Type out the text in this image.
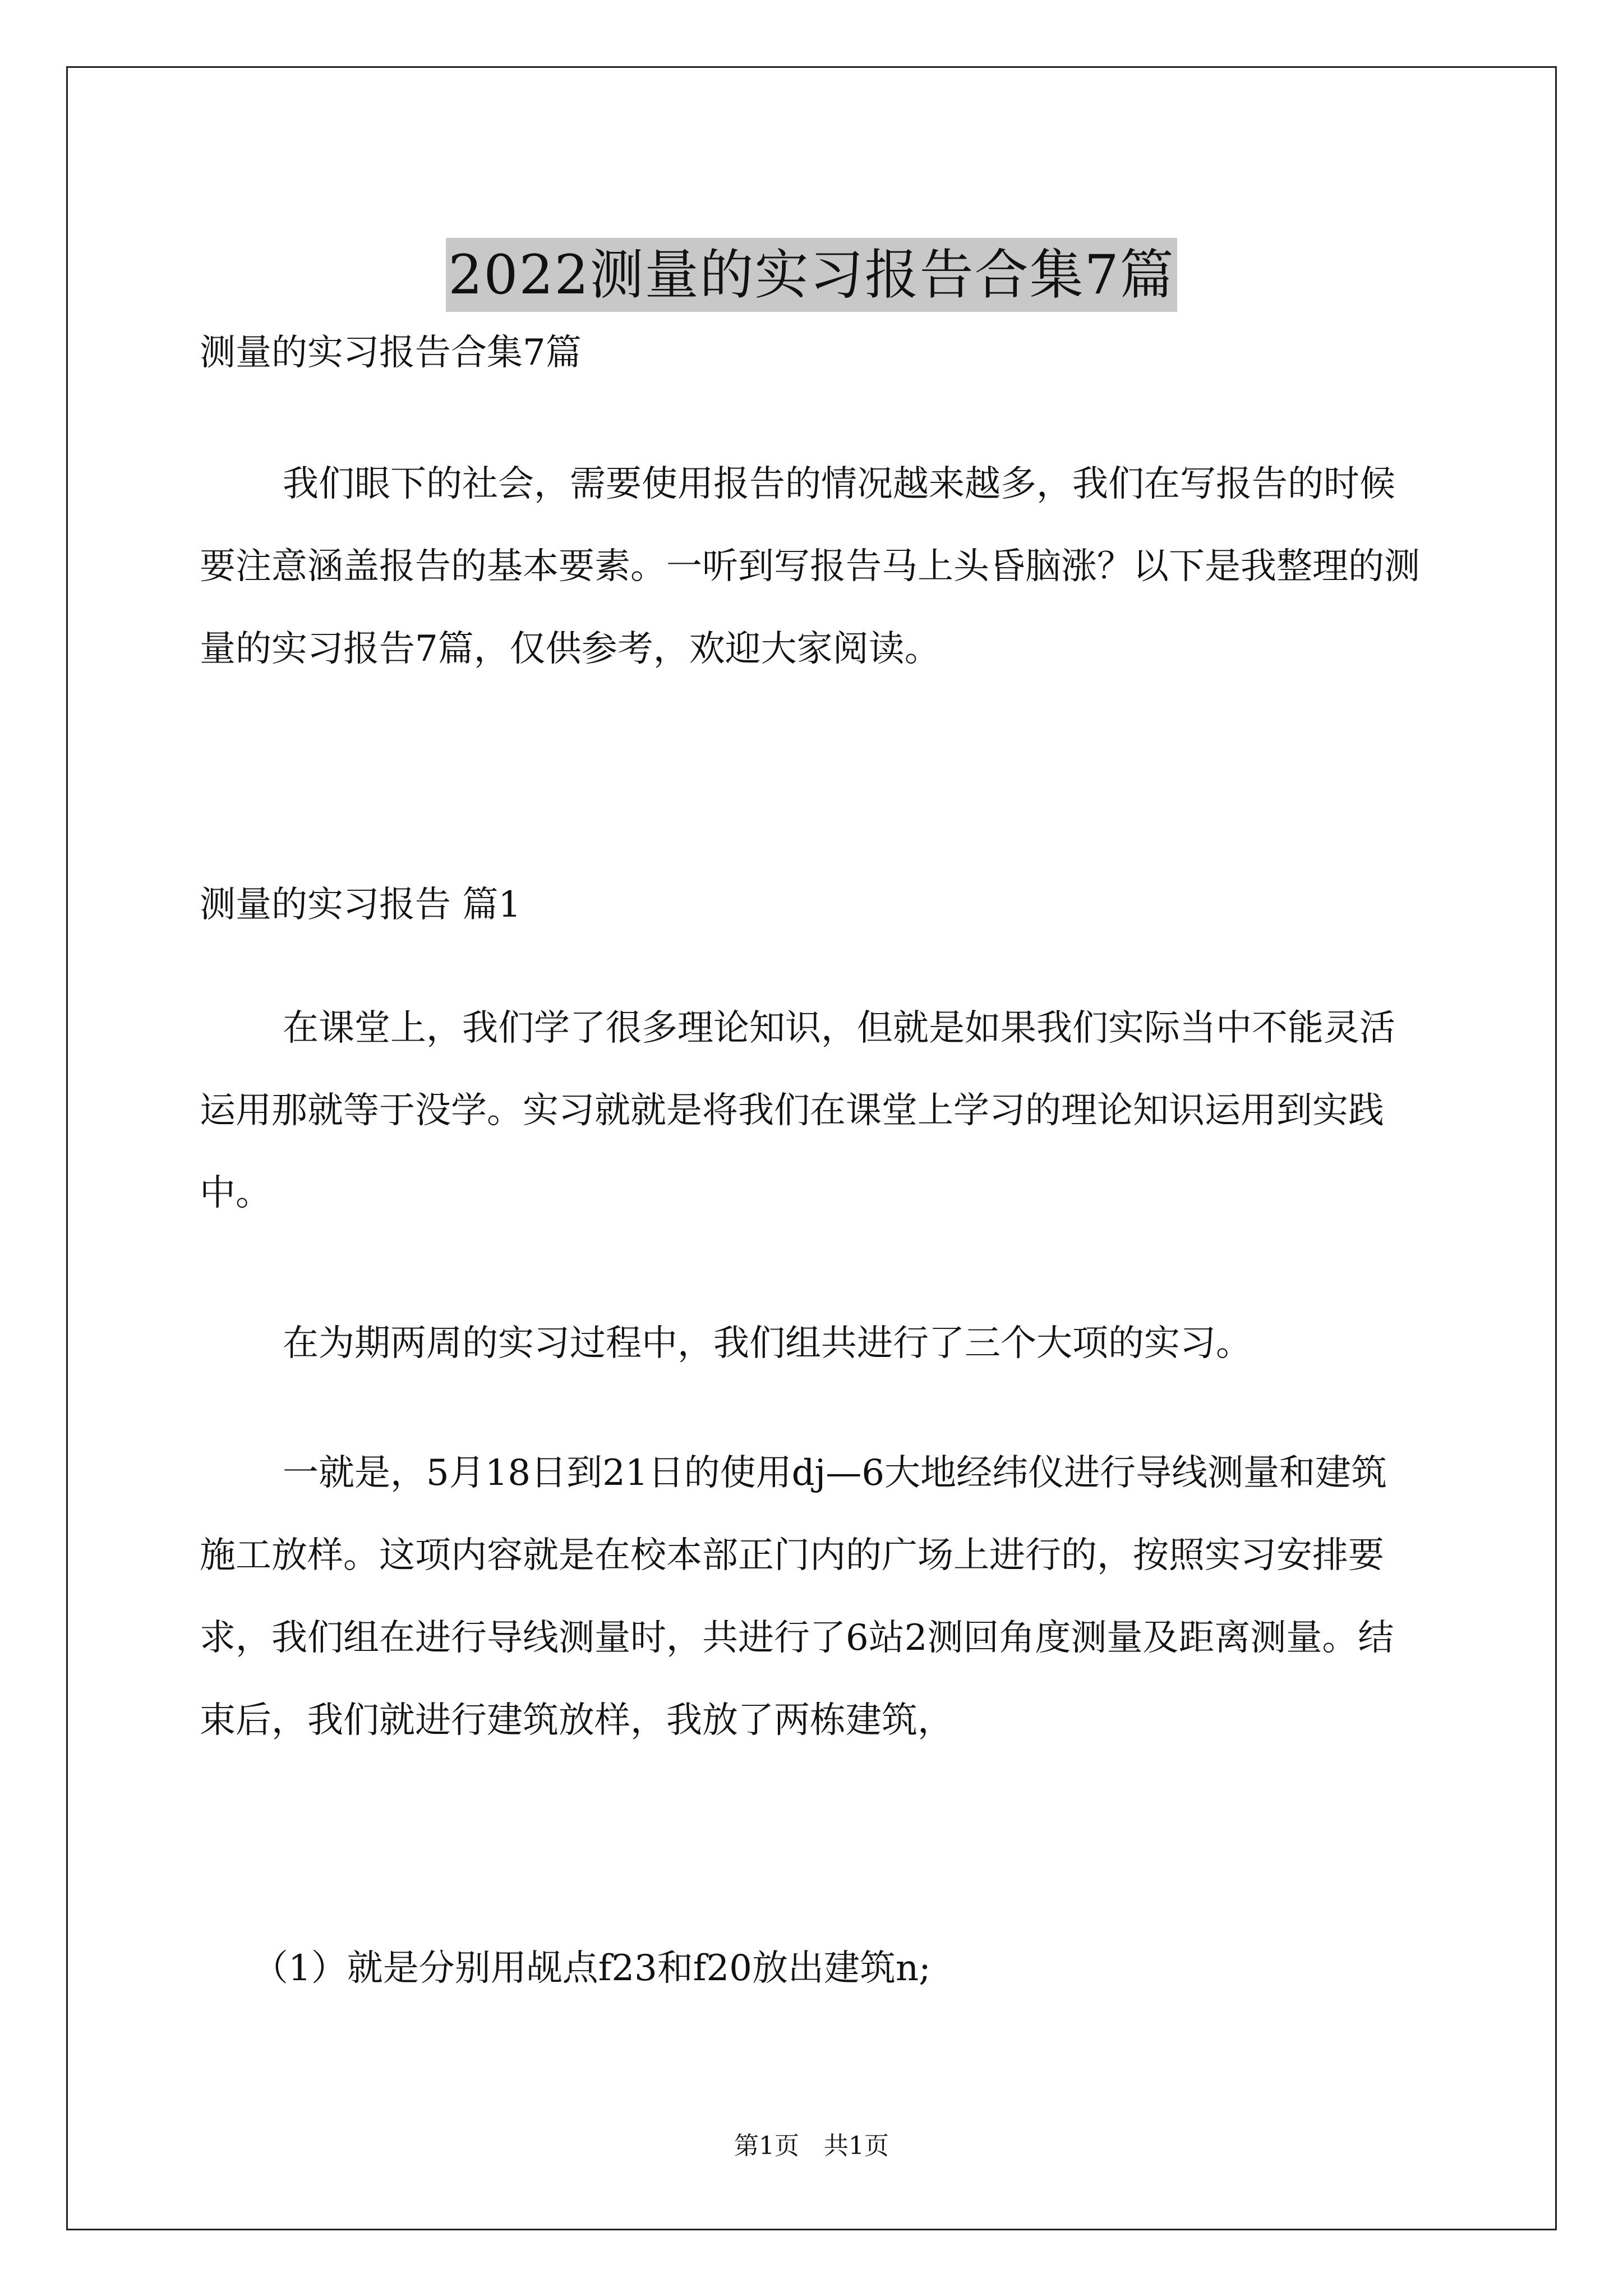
2022测量的实习报告合集7篇

测量的实习报告合集7篇

我们眼下的社会，需要使用报告的情况越来越多，我们在写报告的时候要注意涵盖报告的基本要素。一听到写报告马上头昏脑涨？以下是我整理的测量的实习报告7篇，仅供参考，欢迎大家阅读。

测量的实习报告 篇1

在课堂上，我们学了很多理论知识，但就是如果我们实际当中不能灵活运用那就等于没学。实习就就是将我们在课堂上学习的理论知识运用到实践中。

在为期两周的实习过程中，我们组共进行了三个大项的实习。

一就是，5月18日到21日的使用dj—6大地经纬仪进行导线测量和建筑施工放样。这项内容就是在校本部正门内的广场上进行的，按照实习安排要求，我们组在进行导线测量时，共进行了6站2测回角度测量及距离测量。结束后，我们就进行建筑放样，我放了两栋建筑，

（1）就是分别用觇点f23和f20放出建筑n;

第1页　共1页
